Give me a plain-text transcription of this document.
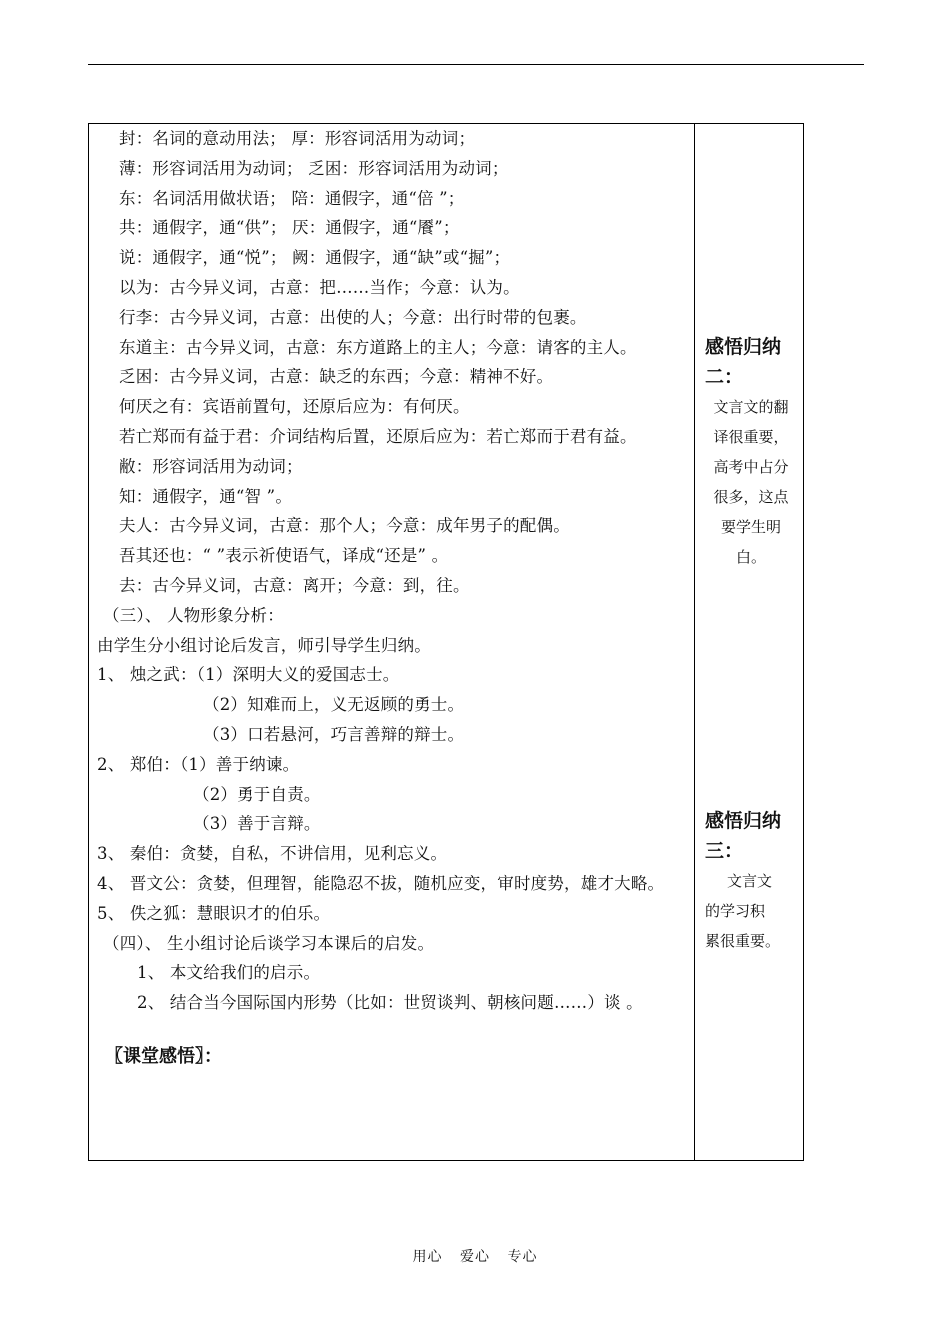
封：名词的意动用法； 厚：形容词活用为动词；
薄：形容词活用为动词； 乏困：形容词活用为动词；
东：名词活用做状语； 陪：通假字，通“倍 ”；
共：通假字，通“供”； 厌：通假字，通“餍”；
说：通假字，通“悦”； 阙：通假字，通“缺”或“掘”；
以为：古今异义词，古意：把……当作；今意：认为。
行李：古今异义词，古意：出使的人；今意：出行时带的包裹。
东道主：古今异义词，古意：东方道路上的主人；今意：请客的主人。
乏困：古今异义词，古意：缺乏的东西；今意：精神不好。
何厌之有：宾语前置句，还原后应为：有何厌。
若亡郑而有益于君：介词结构后置，还原后应为：若亡郑而于君有益。
敝：形容词活用为动词；
知：通假字，通“智 ”。
夫人：古今异义词，古意：那个人；今意：成年男子的配偶。
吾其还也：“ ”表示祈使语气，译成“还是” 。
去：古今异义词，古意：离开；今意：到，往。
（三）、 人物形象分析：
由学生分小组讨论后发言，师引导学生归纳。
1、 烛之武：（1）深明大义的爱国志士。
（2）知难而上，义无返顾的勇士。
（3）口若悬河，巧言善辩的辩士。
2、 郑伯：（1）善于纳谏。
（2）勇于自责。
（3）善于言辩。
3、 秦伯：贪婪，自私，不讲信用，见利忘义。
4、 晋文公：贪婪，但理智，能隐忍不拔，随机应变，审时度势，雄才大略。
5、 佚之狐：慧眼识才的伯乐。
（四）、 生小组讨论后谈学习本课后的启发。
1、 本文给我们的启示。
2、 结合当今国际国内形势（比如：世贸谈判、朝核问题……）谈 。
〖课堂感悟〗：
感悟归纳
二：
文言文的翻
译很重要，
高考中占分
很多，这点
要学生明
白。
感悟归纳
三：
文言文
的学习积
累很重要。
用心 爱心 专心
